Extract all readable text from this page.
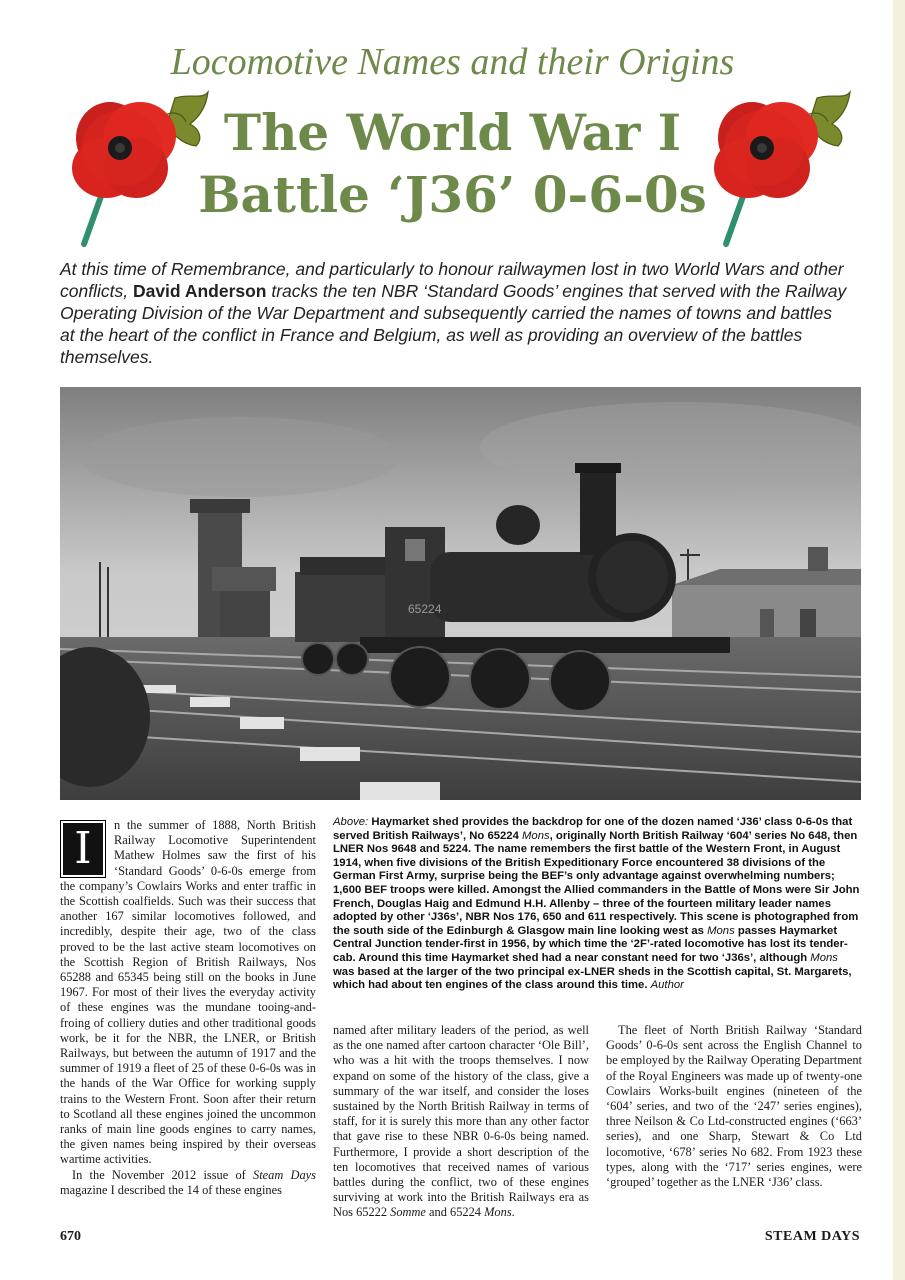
Locomotive Names and their Origins
The World War I
Battle ‘J36’ 0-6-0s
At this time of Remembrance, and particularly to honour railwaymen lost in two World Wars and other conflicts, David Anderson tracks the ten NBR ‘Standard Goods’ engines that served with the Railway Operating Division of the War Department and subsequently carried the names of towns and battles at the heart of the conflict in France and Belgium, as well as providing an overview of the battles themselves.
65224
I	n the summer of 1888, North British Railway Locomotive Superintendent Mathew Holmes saw the first of his ‘Standard Goods’ 0-6-0s emerge from the company’s Cowlairs Works and enter traffic in the Scottish coalfields. Such was their success that another 167 similar locomotives followed, and incredibly, despite their age, two of the class proved to be the last active steam locomotives on the Scottish Region of British Railways, Nos 65288 and 65345 being still on the books in June 1967. For most of their lives the everyday activity of these engines was the mundane tooing-and-froing of colliery duties and other traditional goods work, be it for the NBR, the LNER, or British Railways, but between the autumn of 1917 and the summer of 1919 a fleet of 25 of these 0-6-0s was in the hands of the War Office for working supply trains to the Western Front. Soon after their return to Scotland all these engines joined the uncommon ranks of main line goods engines to carry names, the given names being inspired by their overseas wartime activities.

In the November 2012 issue of Steam Days magazine I described the 14 of these engines

Above: Haymarket shed provides the backdrop for one of the dozen named ‘J36’ class 0-6-0s that served British Railways’, No 65224 Mons, originally North British Railway ‘604’ series No 648, then LNER Nos 9648 and 5224. The name remembers the first battle of the Western Front, in August 1914, when five divisions of the British Expeditionary Force encountered 38 divisions of the German First Army, surprise being the BEF’s only advantage against overwhelming numbers; 1,600 BEF troops were killed. Amongst the Allied commanders in the Battle of Mons were Sir John French, Douglas Haig and Edmund H.H. Allenby – three of the fourteen military leader names adopted by other ‘J36s’, NBR Nos 176, 650 and 611 respectively. This scene is photographed from the south side of the Edinburgh & Glasgow main line looking west as Mons passes Haymarket Central Junction tender-first in 1956, by which time the ‘2F’-rated locomotive has lost its tender-cab. Around this time Haymarket shed had a near constant need for two ‘J36s’, although Mons was based at the larger of the two principal ex-LNER sheds in the Scottish capital, St. Margarets, which had about ten engines of the class around this time. Author

named after military leaders of the period, as well as the one named after cartoon character ‘Ole Bill’, who was a hit with the troops themselves. I now expand on some of the history of the class, give a summary of the war itself, and consider the loses sustained by the North British Railway in terms of staff, for it is surely this more than any other factor that gave rise to these NBR 0-6-0s being named. Furthermore, I provide a short description of the ten locomotives that received names of various battles during the conflict, two of these engines surviving at work into the British Railways era as Nos 65222 Somme and 65224 Mons.

The fleet of North British Railway ‘Standard Goods’ 0-6-0s sent across the English Channel to be employed by the Railway Operating Department of the Royal Engineers was made up of twenty-one Cowlairs Works-built engines (nineteen of the ‘604’ series, and two of the ‘247’ series engines), three Neilson & Co Ltd-constructed engines (‘663’ series), and one Sharp, Stewart & Co Ltd locomotive, ‘678’ series No 682. From 1923 these types, along with the ‘717’ series engines, were ‘grouped’ together as the LNER ‘J36’ class.

670	STEAM DAYS
